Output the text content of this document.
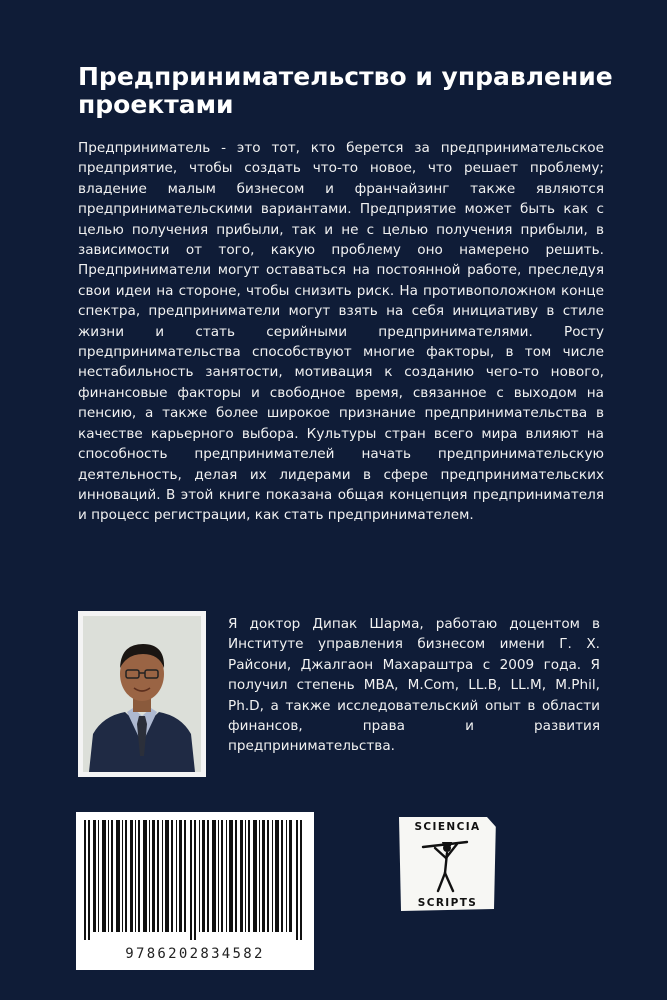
Предпринимательство и управление проектами

Предприниматель - это тот, кто берется за предпринимательское предприятие, чтобы создать что-то новое, что решает проблему; владение малым бизнесом и франчайзинг также являются предпринимательскими вариантами. Предприятие может быть как с целью получения прибыли, так и не с целью получения прибыли, в зависимости от того, какую проблему оно намерено решить. Предприниматели могут оставаться на постоянной работе, преследуя свои идеи на стороне, чтобы снизить риск. На противоположном конце спектра, предприниматели могут взять на себя инициативу в стиле жизни и стать серийными предпринимателями. Росту предпринимательства способствуют многие факторы, в том числе нестабильность занятости, мотивация к созданию чего-то нового, финансовые факторы и свободное время, связанное с выходом на пенсию, а также более широкое признание предпринимательства в качестве карьерного выбора. Культуры стран всего мира влияют на способность предпринимателей начать предпринимательскую деятельность, делая их лидерами в сфере предпринимательских инноваций. В этой книге показана общая концепция предпринимателя и процесс регистрации, как стать предпринимателем.

Я доктор Дипак Шарма, работаю доцентом в Институте управления бизнесом имени Г. Х. Райсони, Джалгаон Махараштра с 2009 года. Я получил степень MBA, M.Com, LL.B, LL.M, M.Phil, Ph.D, а также исследовательский опыт в области финансов, права и развития предпринимательства.

9786202834582

SCIENCIA
SCRIPTS
